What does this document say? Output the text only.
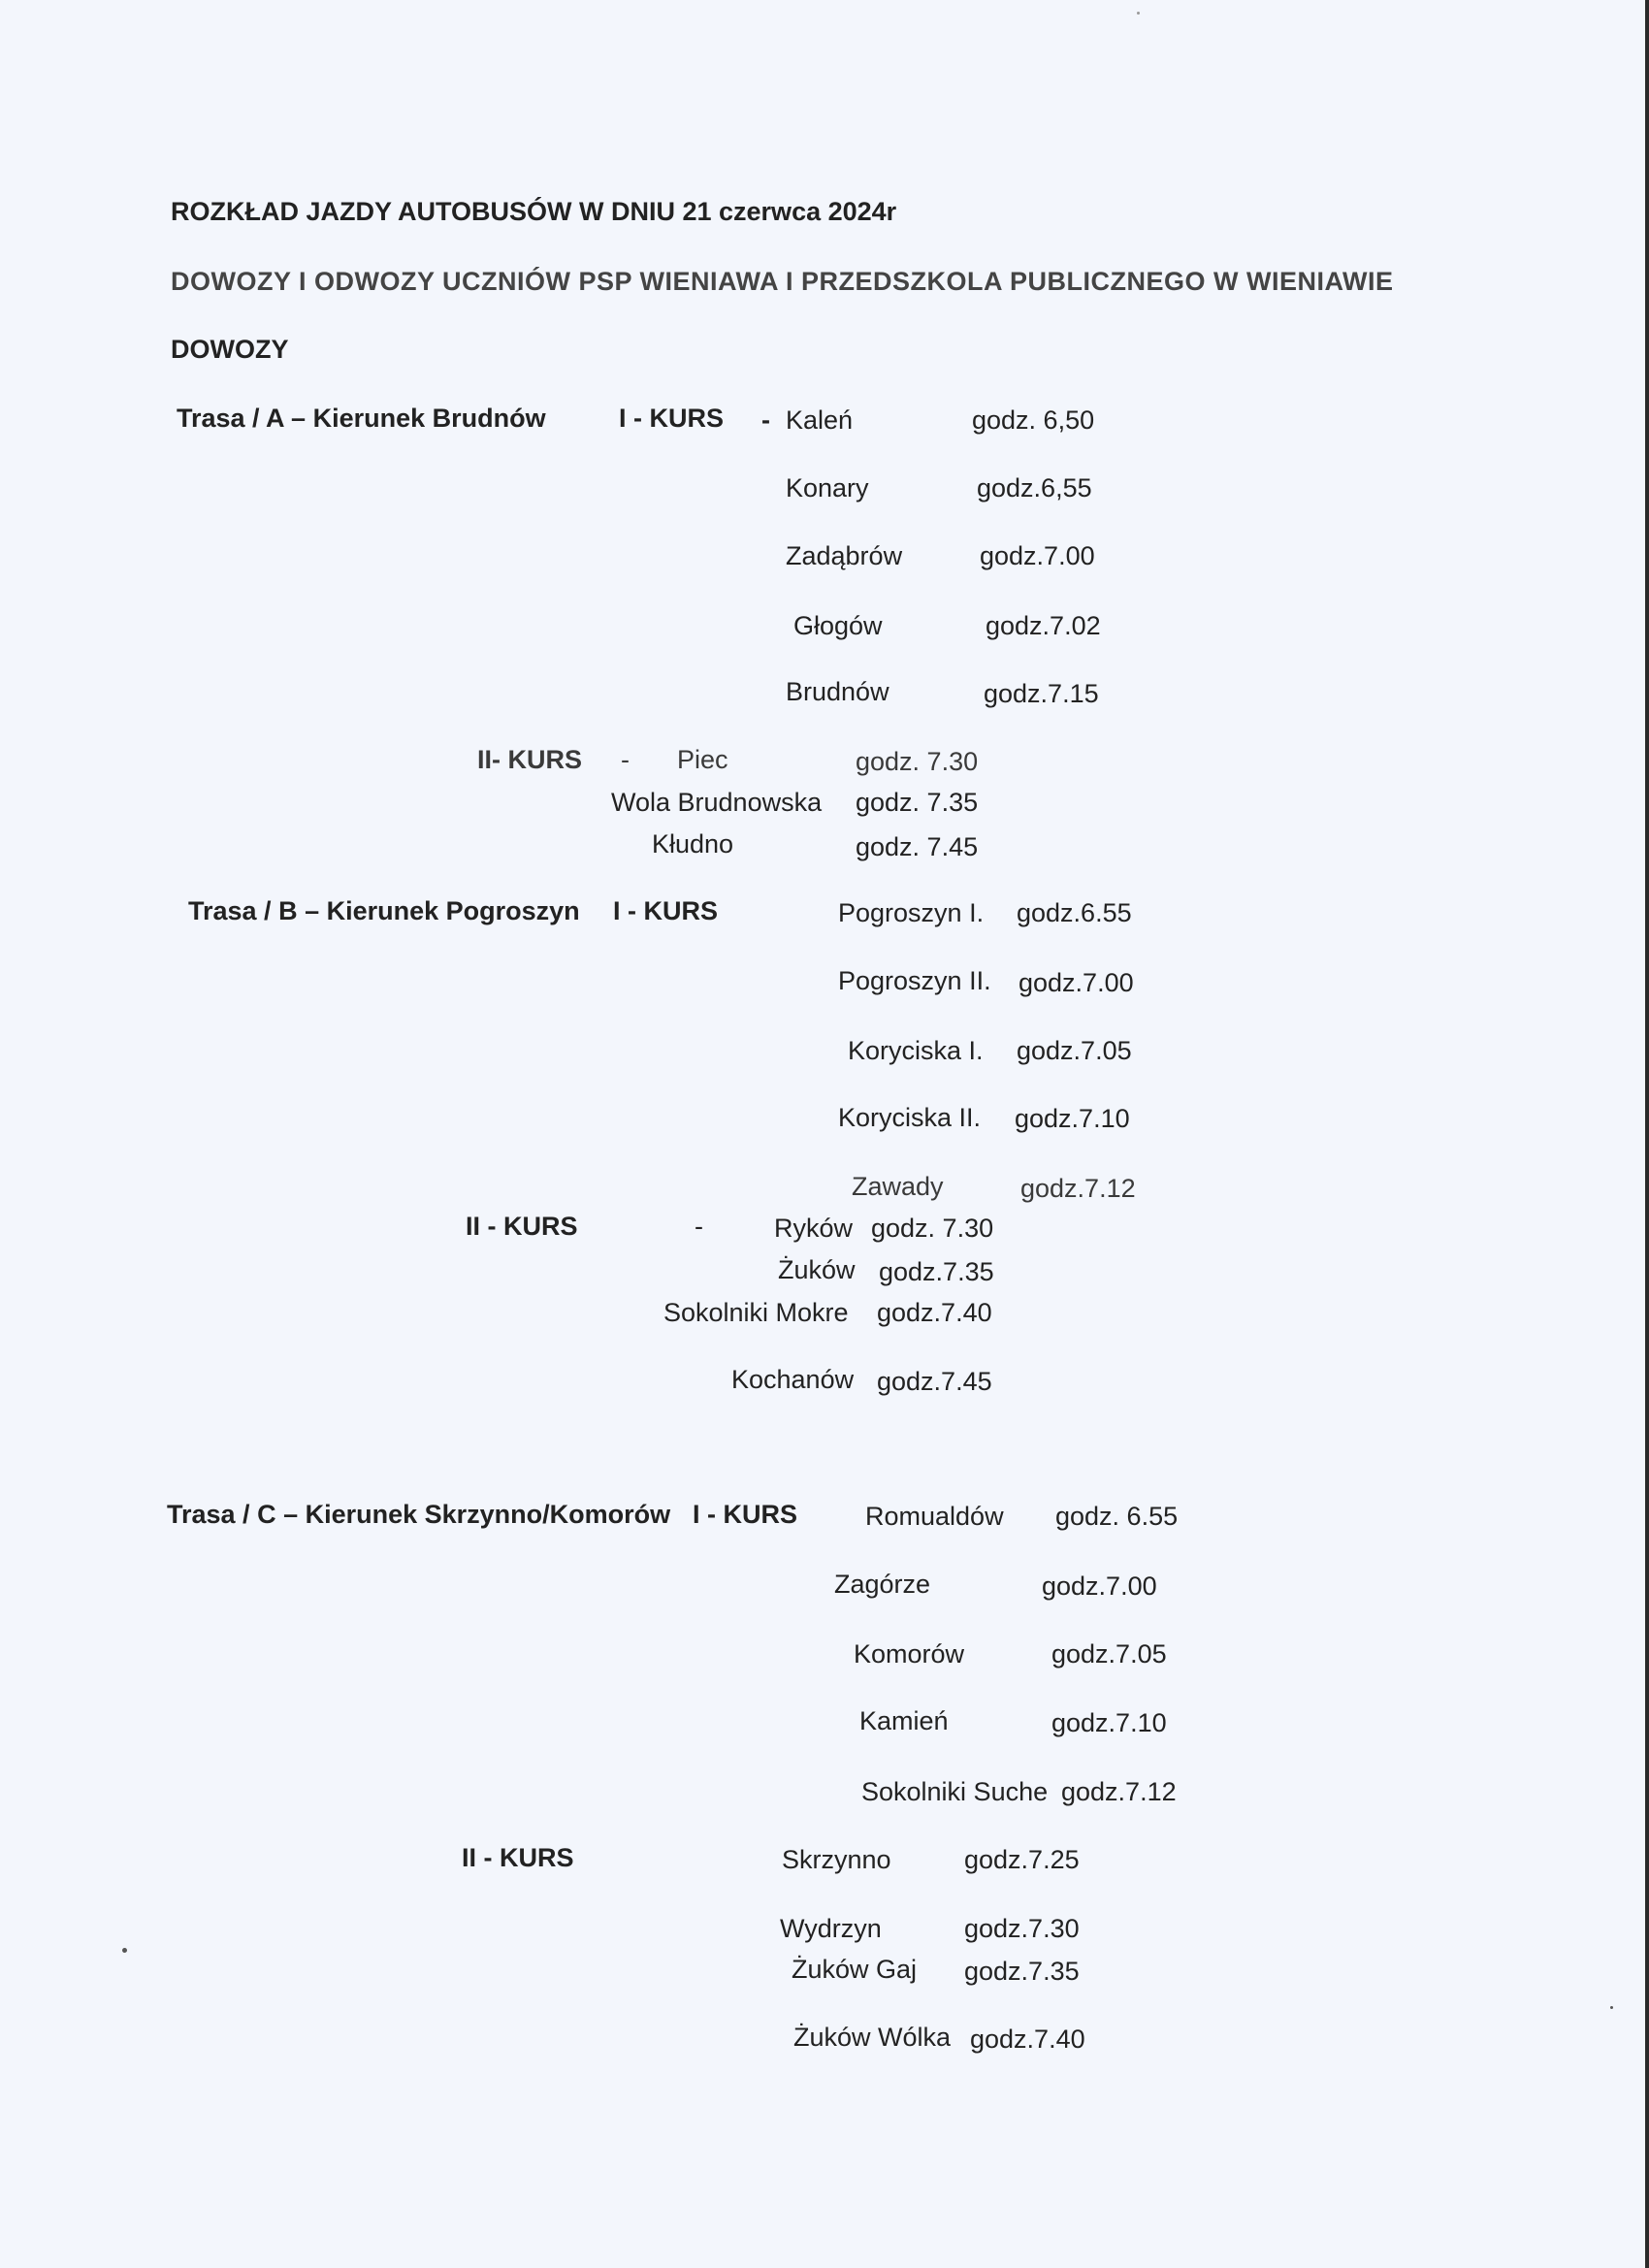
ROZKŁAD JAZDY AUTOBUSÓW W DNIU 21 czerwca 2024r
DOWOZY I ODWOZY UCZNIÓW PSP WIENIAWA I PRZEDSZKOLA PUBLICZNEGO W WIENIAWIE
DOWOZY
Trasa / A – Kierunek Brudnów	I - KURS - Kaleń	godz. 6,50
Konary	godz.6,55
Zadąbrów	godz.7.00
Głogów	godz.7.02
Brudnów	godz.7.15
II- KURS - Piec	godz. 7.30
Wola Brudnowska godz. 7.35
Kłudno	godz. 7.45
Trasa / B – Kierunek Pogroszyn I - KURS	Pogroszyn I. godz.6.55
Pogroszyn II. godz.7.00
Koryciska I. godz.7.05
Koryciska II. godz.7.10
Zawady	godz.7.12
II - KURS	-	Ryków godz. 7.30
Żuków godz.7.35
Sokolniki Mokre godz.7.40
Kochanów godz.7.45
Trasa / C – Kierunek Skrzynno/Komorów I - KURS	Romualdów godz. 6.55
Zagórze	godz.7.00
Komorów	godz.7.05
Kamień	godz.7.10
Sokolniki Suche godz.7.12
II - KURS	Skrzynno	godz.7.25
Wydrzyn	godz.7.30
Żuków Gaj godz.7.35
Żuków Wólka godz.7.40
